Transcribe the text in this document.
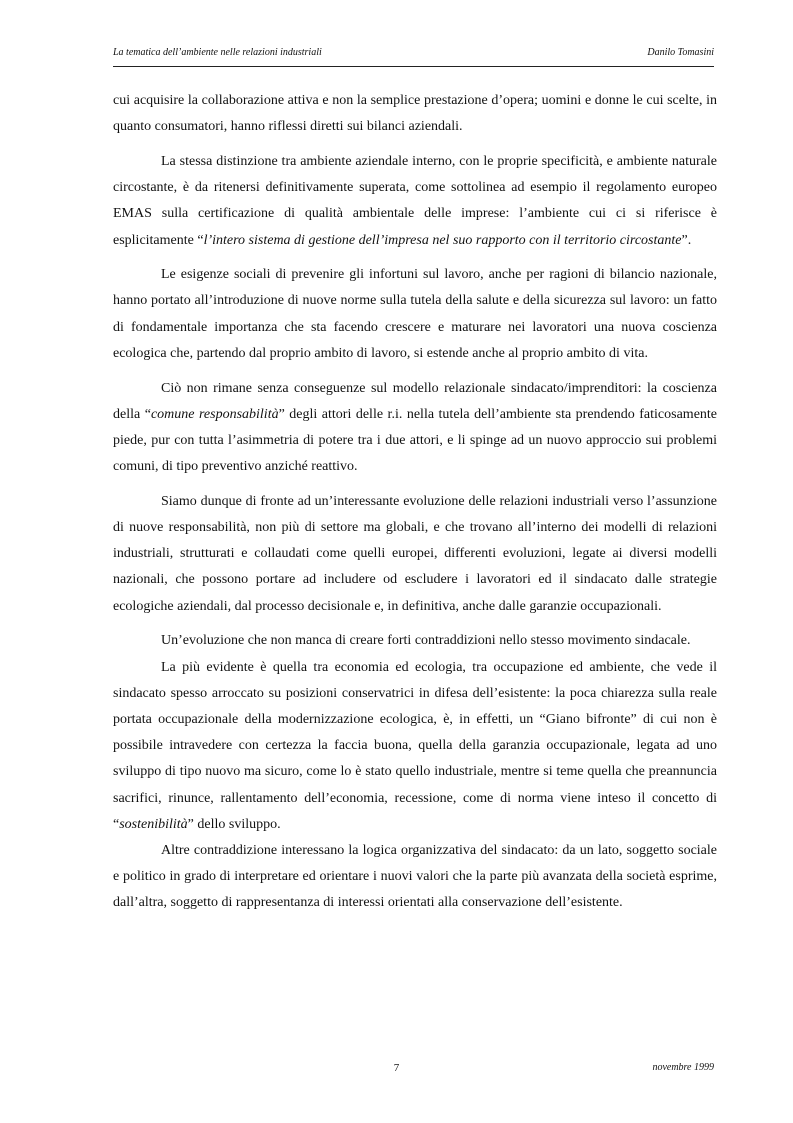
La tematica dell’ambiente nelle relazioni industriali	Danilo Tomasini

cui acquisire la collaborazione attiva e non la semplice prestazione d’opera; uomini e donne le cui scelte, in quanto consumatori, hanno riflessi diretti sui bilanci aziendali.

La stessa distinzione tra ambiente aziendale interno, con le proprie specificità, e ambiente naturale circostante, è da ritenersi definitivamente superata, come sottolinea ad esempio il regolamento europeo EMAS sulla certificazione di qualità ambientale delle imprese: l’ambiente cui ci si riferisce è esplicitamente “l’intero sistema di gestione dell’impresa nel suo rapporto con il territorio circostante”.

Le esigenze sociali di prevenire gli infortuni sul lavoro, anche per ragioni di bilancio nazionale, hanno portato all’introduzione di nuove norme sulla tutela della salute e della sicurezza sul lavoro: un fatto di fondamentale importanza che sta facendo crescere e maturare nei lavoratori una nuova coscienza ecologica che, partendo dal proprio ambito di lavoro, si estende anche al proprio ambito di vita.

Ciò non rimane senza conseguenze sul modello relazionale sindacato/imprenditori: la coscienza della “comune responsabilità” degli attori delle r.i. nella tutela dell’ambiente sta prendendo faticosamente piede, pur con tutta l’asimmetria di potere tra i due attori, e li spinge ad un nuovo approccio sui problemi comuni, di tipo preventivo anziché reattivo.

Siamo dunque di fronte ad un’interessante evoluzione delle relazioni industriali verso l’assunzione di nuove responsabilità, non più di settore ma globali, e che trovano all’interno dei modelli di relazioni industriali, strutturati e collaudati come quelli europei, differenti evoluzioni, legate ai diversi modelli nazionali, che possono portare ad includere od escludere i lavoratori ed il sindacato dalle strategie ecologiche aziendali, dal processo decisionale e, in definitiva, anche dalle garanzie occupazionali.

Un’evoluzione che non manca di creare forti contraddizioni nello stesso movimento sindacale.

La più evidente è quella tra economia ed ecologia, tra occupazione ed ambiente, che vede il sindacato spesso arroccato su posizioni conservatrici in difesa dell’esistente: la poca chiarezza sulla reale portata occupazionale della modernizzazione ecologica, è, in effetti, un “Giano bifronte” di cui non è possibile intravedere con certezza la faccia buona, quella della garanzia occupazionale, legata ad uno sviluppo di tipo nuovo ma sicuro, come lo è stato quello industriale, mentre si teme quella che preannuncia sacrifici, rinunce, rallentamento dell’economia, recessione, come di norma viene inteso il concetto di “sostenibilità” dello sviluppo.

Altre contraddizione interessano la logica organizzativa del sindacato: da un lato, soggetto sociale e politico in grado di interpretare ed orientare i nuovi valori che la parte più avanzata della società esprime, dall’altra, soggetto di rappresentanza di interessi orientati alla conservazione dell’esistente.

7	novembre 1999
